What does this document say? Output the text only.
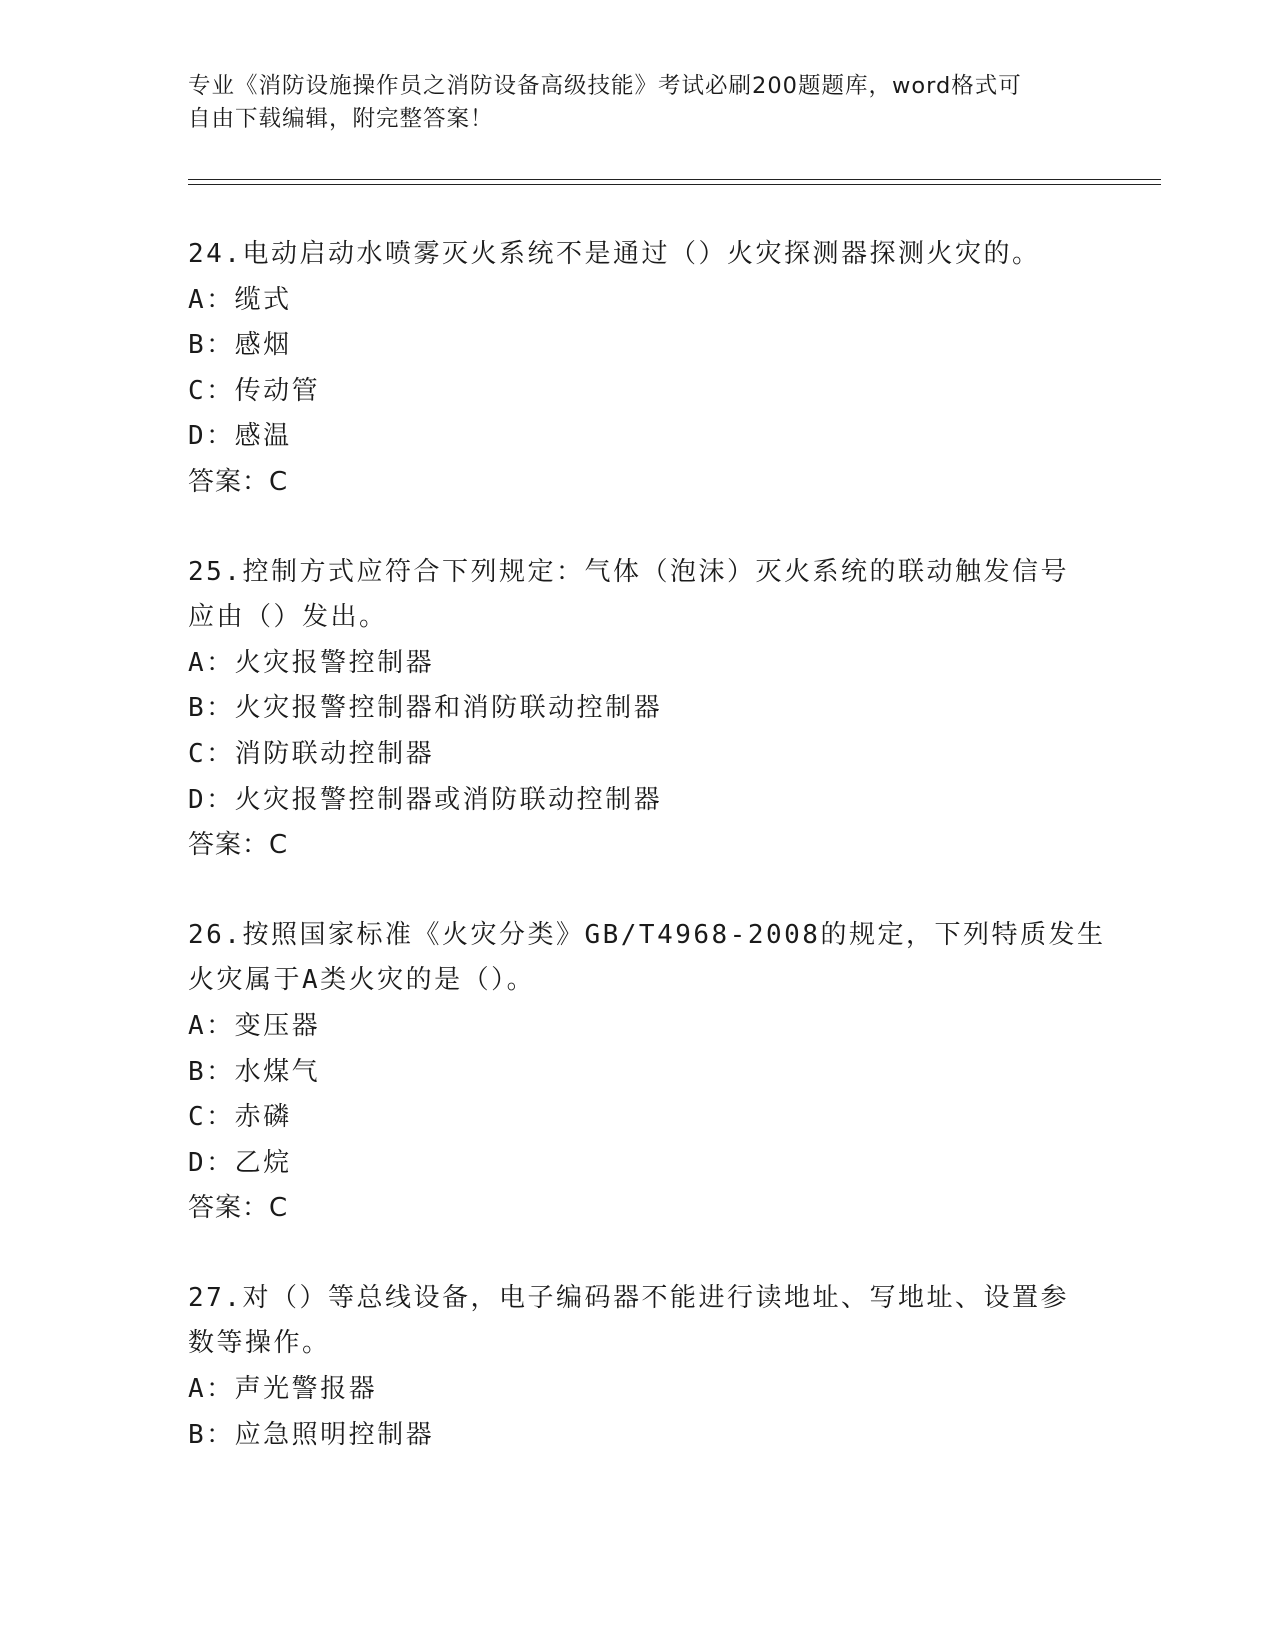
专业《消防设施操作员之消防设备高级技能》考试必刷200题题库，word格式可
自由下载编辑，附完整答案！
24.电动启动水喷雾灭火系统不是通过（）火灾探测器探测火灾的。
A：缆式
B：感烟
C：传动管
D：感温
答案：C
25.控制方式应符合下列规定：气体（泡沫）灭火系统的联动触发信号
应由（）发出。
A：火灾报警控制器
B：火灾报警控制器和消防联动控制器
C：消防联动控制器
D：火灾报警控制器或消防联动控制器
答案：C
26.按照国家标准《火灾分类》GB/T4968-2008的规定，下列特质发生
火灾属于A类火灾的是（）。
A：变压器
B：水煤气
C：赤磷
D：乙烷
答案：C
27.对（）等总线设备，电子编码器不能进行读地址、写地址、设置参
数等操作。
A：声光警报器
B：应急照明控制器
